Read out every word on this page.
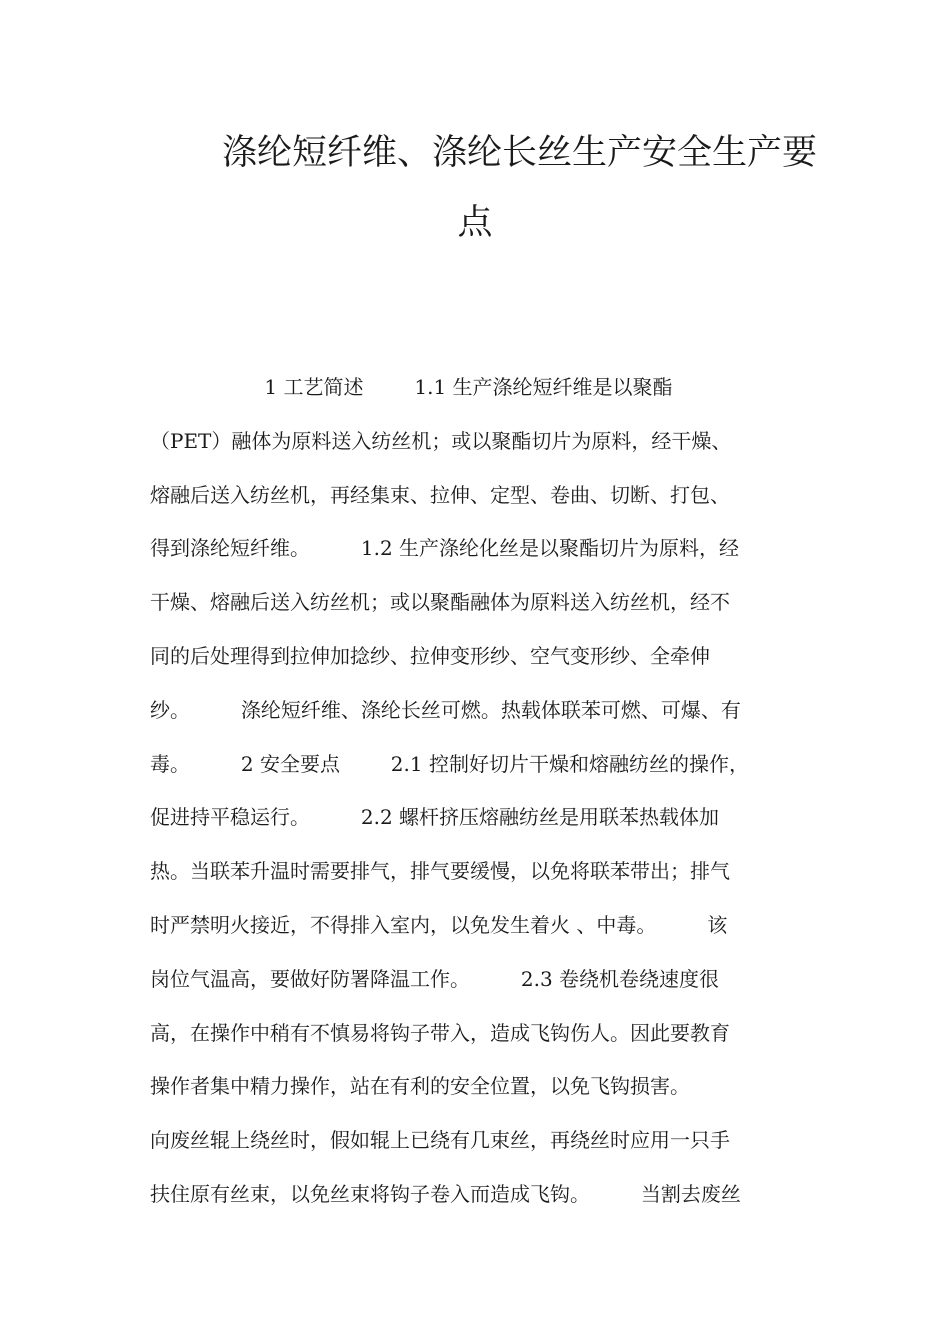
涤纶短纤维、涤纶长丝生产安全生产要
点
1 工艺简述        1.1 生产涤纶短纤维是以聚酯
（PET）融体为原料送入纺丝机；或以聚酯切片为原料，经干燥、
熔融后送入纺丝机，再经集束、拉伸、定型、卷曲、切断、打包、
得到涤纶短纤维。        1.2 生产涤纶化丝是以聚酯切片为原料，经
干燥、熔融后送入纺丝机；或以聚酯融体为原料送入纺丝机，经不
同的后处理得到拉伸加捻纱、拉伸变形纱、空气变形纱、全牵伸
纱。        涤纶短纤维、涤纶长丝可燃。热载体联苯可燃、可爆、有
毒。        2 安全要点        2.1 控制好切片干燥和熔融纺丝的操作，
促进持平稳运行。        2.2 螺杆挤压熔融纺丝是用联苯热载体加
热。当联苯升温时需要排气，排气要缓慢，以免将联苯带出；排气
时严禁明火接近，不得排入室内，以免发生着火 、中毒。        该
岗位气温高，要做好防署降温工作。        2.3 卷绕机卷绕速度很
高，在操作中稍有不慎易将钩子带入，造成飞钩伤人。因此要教育
操作者集中精力操作，站在有利的安全位置，以免飞钩损害。
向废丝辊上绕丝时，假如辊上已绕有几束丝，再绕丝时应用一只手
扶住原有丝束，以免丝束将钩子卷入而造成飞钩。        当割去废丝
